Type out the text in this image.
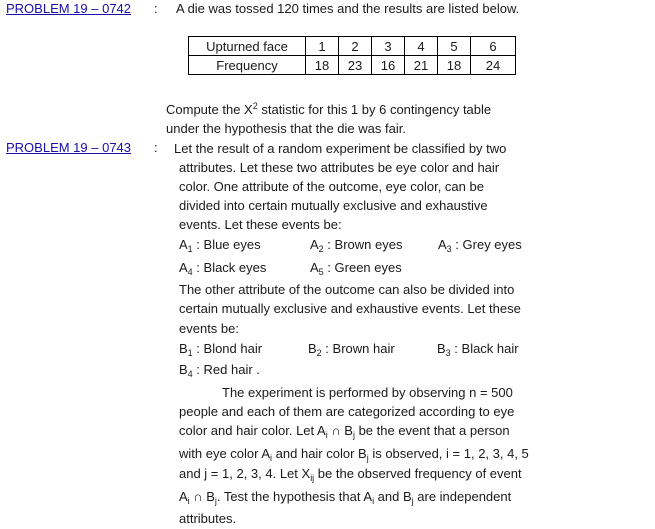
PROBLEM 19 – 0742 : A die was tossed 120 times and the results are listed below.
Upturned face	1	2	3	4	5	6
Frequency	18	23	16	21	18	24
Compute the $X^2$ statistic for this 1 by 6 contingency table
under the hypothesis that the die was fair.
PROBLEM 19 – 0743 : Let the result of a random experiment be classified by two
attributes. Let these two attributes be eye color and hair
color. One attribute of the outcome, eye color, can be
divided into certain mutually exclusive and exhaustive
events. Let these events be:
$A_1$ : Blue eyes	$A_2$ : Brown eyes	$A_3$ : Grey eyes
$A_4$ : Black eyes	$A_5$ : Green eyes
The other attribute of the outcome can also be divided into
certain mutually exclusive and exhaustive events. Let these
events be:
$B_1$ : Blond hair	$B_2$ : Brown hair	$B_3$ : Black hair
$B_4$ : Red hair .
The experiment is performed by observing n = 500
people and each of them are categorized according to eye
color and hair color. Let $A_i$ ∩ $B_j$ be the event that a person
with eye color $A_i$ and hair color $B_j$ is observed, i = 1, 2, 3, 4, 5
and j = 1, 2, 3, 4. Let $X_{ij}$ be the observed frequency of event
$A_i$ ∩ $B_j$. Test the hypothesis that $A_i$ and $B_j$ are independent
attributes.
